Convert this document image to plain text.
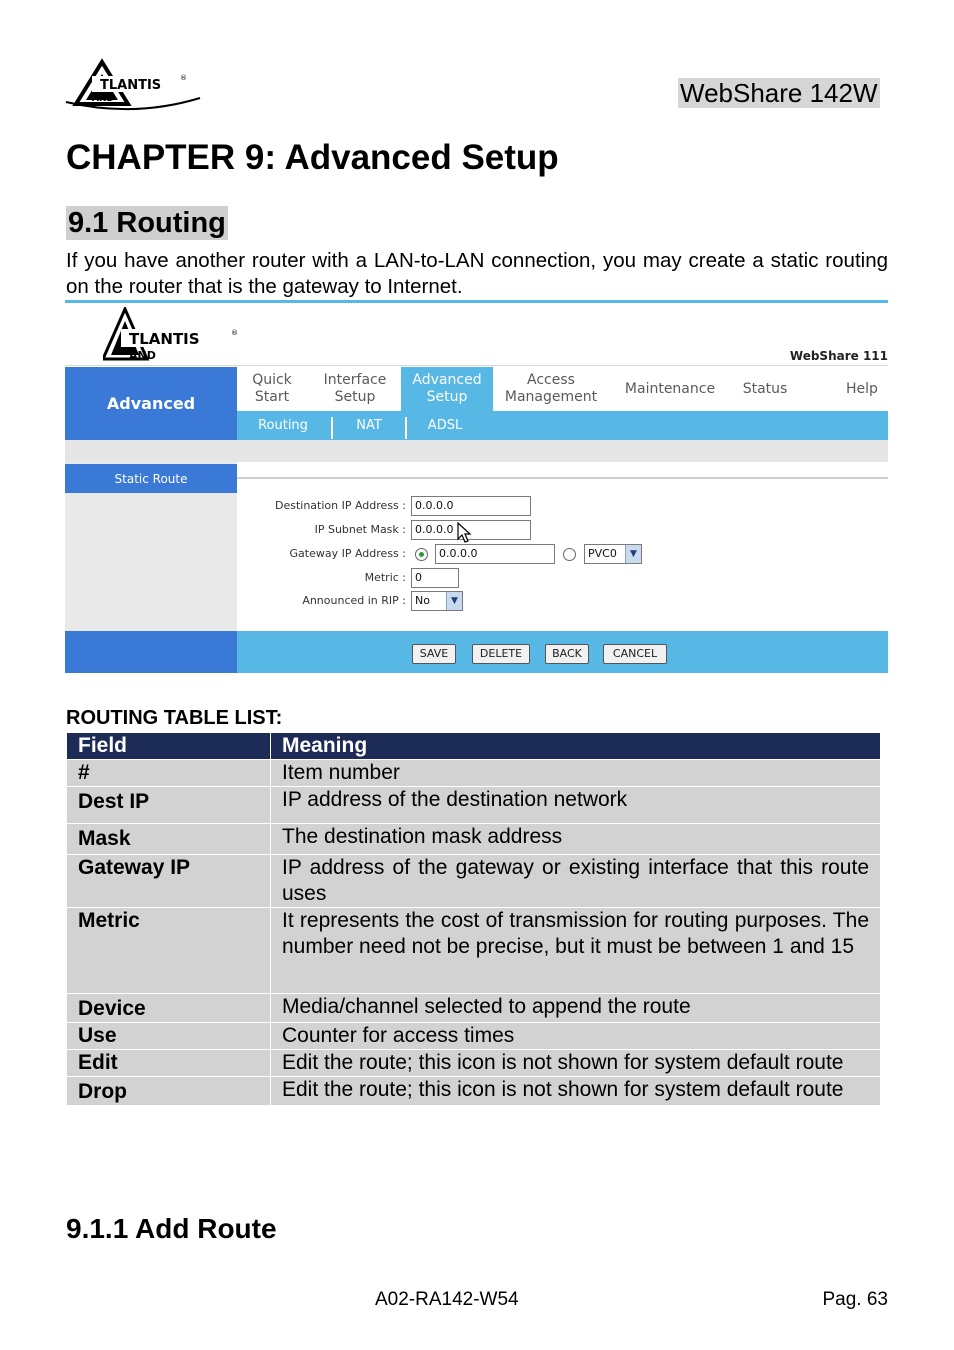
TLANTIS	®
AND	WebShare 142W
CHAPTER 9: Advanced Setup
9.1 Routing
If you have another router with a LAN-to-LAN connection, you may create a static routing on the router that is the gateway to Internet.
TLANTIS	®
AND	WebShare 111
Advanced
Quick
Start
Interface
Setup
Advanced
Setup
Access
Management
Maintenance Status	Help
Routing	NAT	ADSL
Static Route
Destination IP Address : 0.0.0.0
IP Subnet Mask : 0.0.0.0
Gateway IP Address :	0.0.0.0	PVC0	▼
Metric : 0
Announced in RIP : No	▼
SAVE	DELETE	BACK	CANCEL
ROUTING TABLE LIST:
Field	Meaning
#	Item number
Dest IP	IP address of the destination network
Mask	The destination mask address
Gateway IP	IP address of the gateway or existing interface that this route uses
Metric	It represents the cost of transmission for routing purposes. The number need not be precise, but it must be between 1 and 15
Device	Media/channel selected to append the route
Use	Counter for access times
Edit	Edit the route; this icon is not shown for system default route
Drop	Edit the route; this icon is not shown for system default route
9.1.1 Add Route
A02-RA142-W54	Pag. 63
